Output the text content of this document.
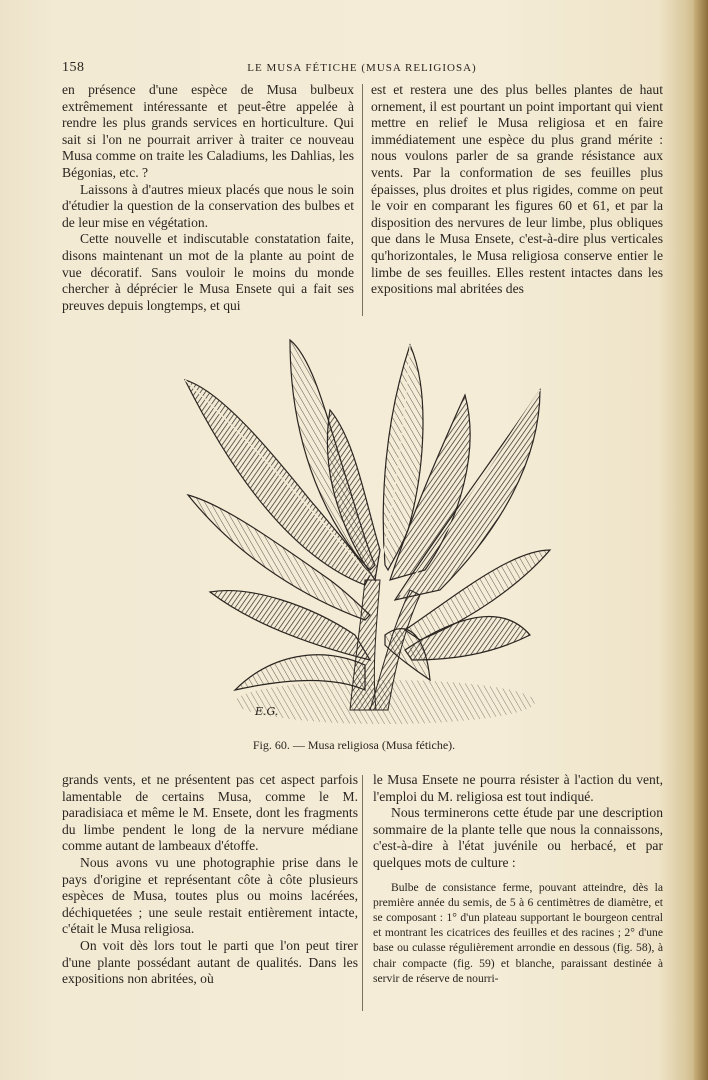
158	LE MUSA FÉTICHE (MUSA RELIGIOSA)

en présence d'une espèce de Musa bulbeux extrêmement intéressante et peut-être appelée à rendre les plus grands services en horticulture. Qui sait si l'on ne pourrait arriver à traiter ce nouveau Musa comme on traite les Caladiums, les Dahlias, les Bégonias, etc. ?

Laissons à d'autres mieux placés que nous le soin d'étudier la question de la conservation des bulbes et de leur mise en végétation.

Cette nouvelle et indiscutable constatation faite, disons maintenant un mot de la plante au point de vue décoratif. Sans vouloir le moins du monde chercher à déprécier le Musa Ensete qui a fait ses preuves depuis longtemps, et qui

est et restera une des plus belles plantes de haut ornement, il est pourtant un point important qui vient mettre en relief le Musa religiosa et en faire immédiatement une espèce du plus grand mérite : nous voulons parler de sa grande résistance aux vents. Par la conformation de ses feuilles plus épaisses, plus droites et plus rigides, comme on peut le voir en comparant les figures 60 et 61, et par la disposition des nervures de leur limbe, plus obliques que dans le Musa Ensete, c'est-à-dire plus verticales qu'horizontales, le Musa religiosa conserve entier le limbe de ses feuilles. Elles restent intactes dans les expositions mal abritées des

E.G.
Fig. 60. — Musa religiosa (Musa fétiche).

grands vents, et ne présentent pas cet aspect parfois lamentable de certains Musa, comme le M. paradisiaca et même le M. Ensete, dont les fragments du limbe pendent le long de la nervure médiane comme autant de lambeaux d'étoffe.

Nous avons vu une photographie prise dans le pays d'origine et représentant côte à côte plusieurs espèces de Musa, toutes plus ou moins lacérées, déchiquetées ; une seule restait entièrement intacte, c'était le Musa religiosa.

On voit dès lors tout le parti que l'on peut tirer d'une plante possédant autant de qualités. Dans les expositions non abritées, où

le Musa Ensete ne pourra résister à l'action du vent, l'emploi du M. religiosa est tout indiqué.

Nous terminerons cette étude par une description sommaire de la plante telle que nous la connaissons, c'est-à-dire à l'état juvénile ou herbacé, et par quelques mots de culture :

Bulbe de consistance ferme, pouvant atteindre, dès la première année du semis, de 5 à 6 centimètres de diamètre, et se composant : 1° d'un plateau supportant le bourgeon central et montrant les cicatrices des feuilles et des racines ; 2° d'une base ou culasse régulièrement arrondie en dessous (fig. 58), à chair compacte (fig. 59) et blanche, paraissant destinée à servir de réserve de nourri-
